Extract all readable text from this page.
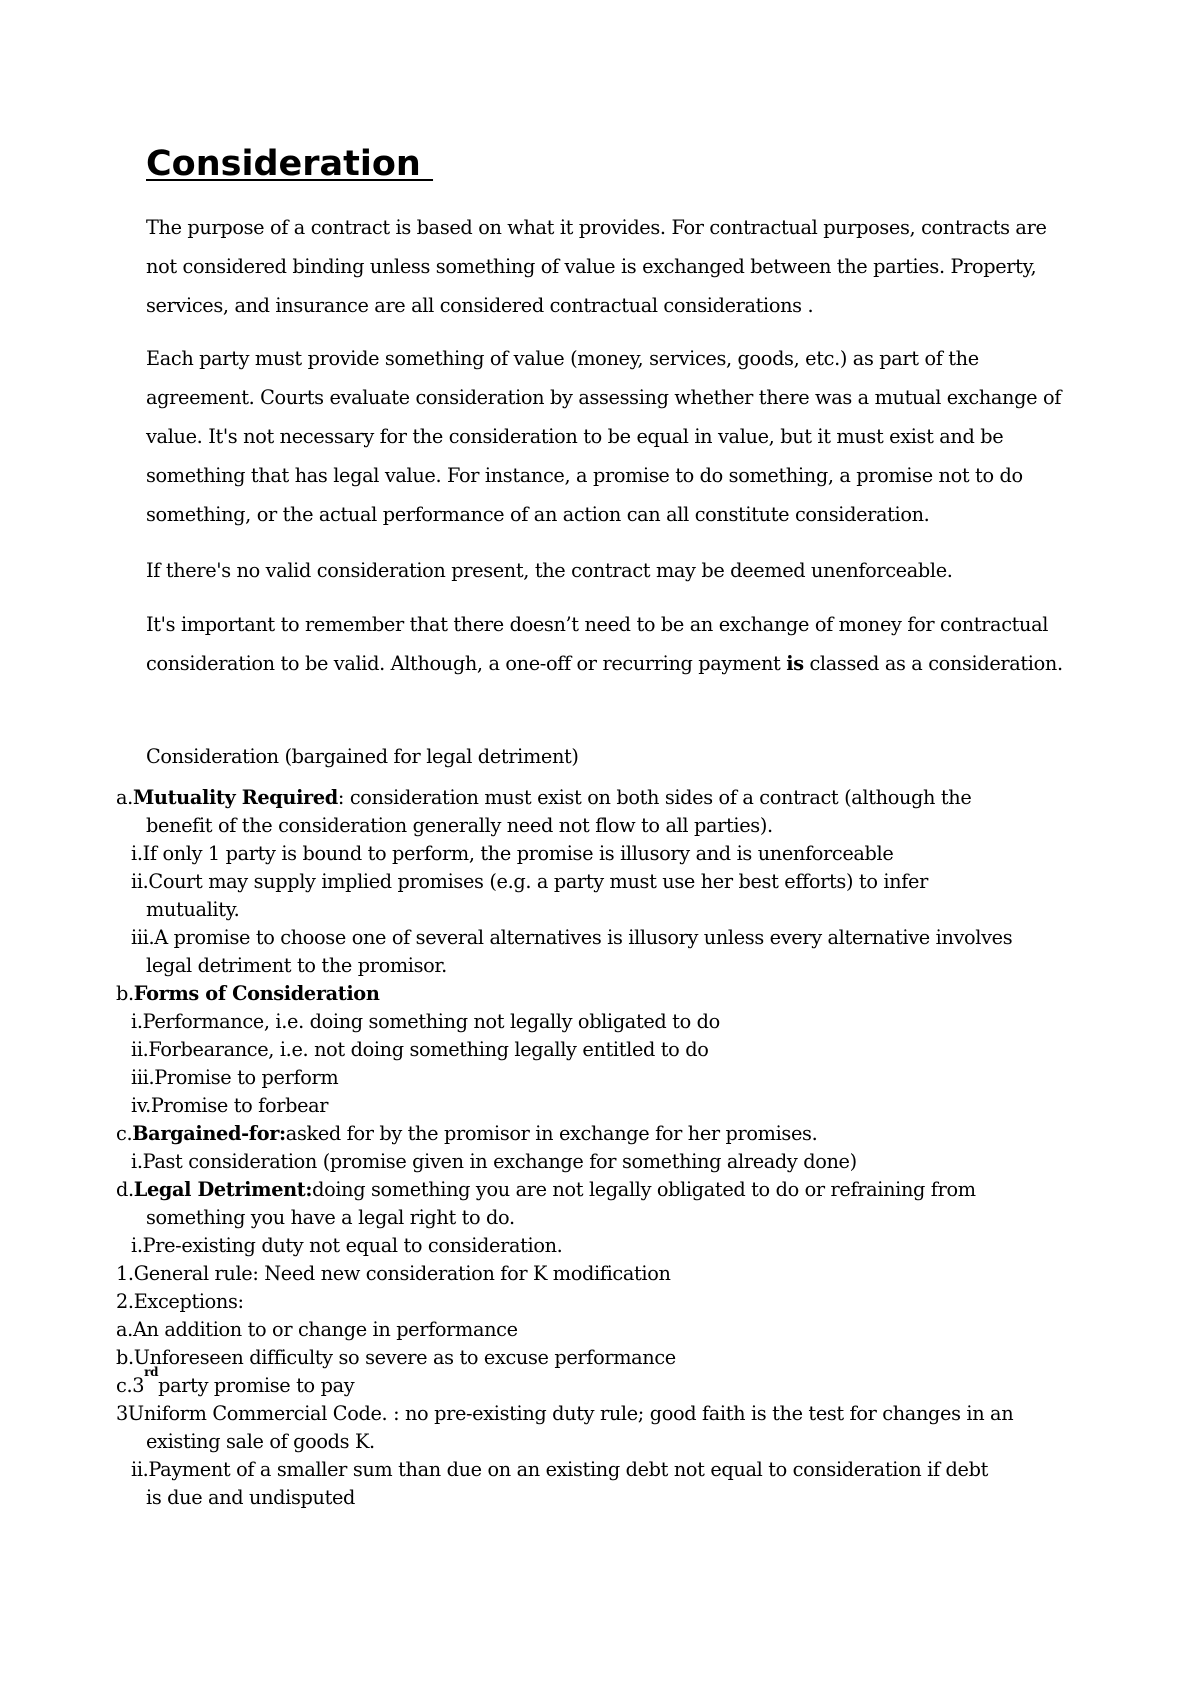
Consideration

The purpose of a contract is based on what it provides. For contractual purposes, contracts are not considered binding unless something of value is exchanged between the parties. Property, services, and insurance are all considered contractual considerations .

Each party must provide something of value (money, services, goods, etc.) as part of the agreement. Courts evaluate consideration by assessing whether there was a mutual exchange of value. It's not necessary for the consideration to be equal in value, but it must exist and be something that has legal value. For instance, a promise to do something, a promise not to do something, or the actual performance of an action can all constitute consideration.

If there's no valid consideration present, the contract may be deemed unenforceable.

It's important to remember that there doesn’t need to be an exchange of money for contractual consideration to be valid. Although, a one-off or recurring payment is classed as a consideration.

Consideration (bargained for legal detriment)

a. Mutuality Required : consideration must exist on both sides of a contract (although the
benefit of the consideration generally need not flow to all parties).
i. If only 1 party is bound to perform, the promise is illusory and is unenforceable
ii. Court may supply implied promises (e.g. a party must use her best efforts) to infer
mutuality.
iii. A promise to choose one of several alternatives is illusory unless every alternative involves
legal detriment to the promisor.
b. Forms of Consideration
i. Performance, i.e. doing something not legally obligated to do
ii. Forbearance, i.e. not doing something legally entitled to do
iii. Promise to perform
iv. Promise to forbear
c. Bargained-for: asked for by the promisor in exchange for her promises.
i. Past consideration (promise given in exchange for something already done)
d. Legal Detriment: doing something you are not legally obligated to do or refraining from
something you have a legal right to do.
i. Pre-existing duty not equal to consideration.
1. General rule: Need new consideration for K modification
2. Exceptions:
a. An addition to or change in performance
b. Unforeseen difficulty so severe as to excuse performance
c. 3
rd
party promise to pay
3 Uniform Commercial Code. : no pre-existing duty rule; good faith is the test for changes in an
existing sale of goods K.
ii. Payment of a smaller sum than due on an existing debt not equal to consideration if debt
is due and undisputed
